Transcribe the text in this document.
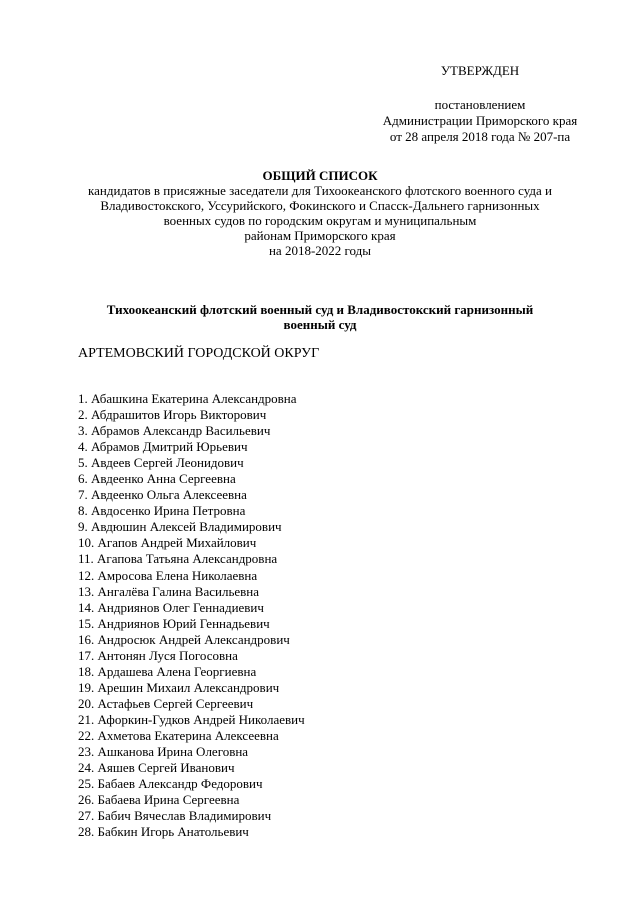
УТВЕРЖДЕН
постановлением
Администрации Приморского края
от 28 апреля 2018 года № 207-па
ОБЩИЙ СПИСОК
кандидатов в присяжные заседатели для Тихоокеанского флотского военного суда и
Владивостокского, Уссурийского, Фокинского и Спасск-Дальнего гарнизонных
военных судов по городским округам и муниципальным
районам Приморского края
на 2018-2022 годы
Тихоокеанский флотский военный суд и Владивостокский гарнизонный
военный суд
АРТЕМОВСКИЙ ГОРОДСКОЙ ОКРУГ
1. Абашкина Екатерина Александровна
2. Абдрашитов Игорь Викторович
3. Абрамов Александр Васильевич
4. Абрамов Дмитрий Юрьевич
5. Авдеев Сергей Леонидович
6. Авдеенко Анна Сергеевна
7. Авдеенко Ольга Алексеевна
8. Авдосенко Ирина Петровна
9. Авдюшин Алексей Владимирович
10. Агапов Андрей Михайлович
11. Агапова Татьяна Александровна
12. Амросова Елена Николаевна
13. Ангалёва Галина Васильевна
14. Андриянов Олег Геннадиевич
15. Андриянов Юрий Геннадьевич
16. Андросюк Андрей Александрович
17. Антонян Луся Погосовна
18. Ардашева Алена Георгиевна
19. Арешин Михаил Александрович
20. Астафьев Сергей Сергеевич
21. Афоркин-Гудков Андрей Николаевич
22. Ахметова Екатерина Алексеевна
23. Ашканова Ирина Олеговна
24. Аяшев Сергей Иванович
25. Бабаев Александр Федорович
26. Бабаева Ирина Сергеевна
27. Бабич Вячеслав Владимирович
28. Бабкин Игорь Анатольевич
